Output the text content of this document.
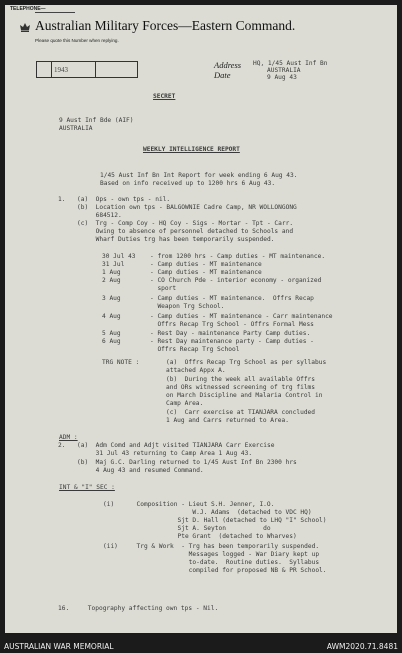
TELEPHONE—
Australian Military Forces—Eastern Command.
Please quote this Number when replying.
1943	Address
Date
HQ, 1/45 Aust Inf Bn
AUSTRALIA
9 Aug 43
SECRET
9 Aust Inf Bde (AIF)
AUSTRALIA
WEEKLY INTELLIGENCE REPORT
1/45 Aust Inf Bn Int Report for week ending 6 Aug 43.
Based on info received up to 1200 hrs 6 Aug 43.
1. (a)  Ops - own tps - nil.
(b)  Location own tps - BALGOWNIE Cadre Camp, NR WOLLONGONG
684512.
(c)  Trg - Comp Coy - HQ Coy - Sigs - Mortar - Tpt - Carr.
Owing to absence of personnel detached to Schools and
Wharf Duties trg has been temporarily suspended.
30 Jul 43 - from 1200 hrs - Camp duties - MT maintenance.
31 Jul	- Camp duties - MT maintenance
1 Aug	- Camp duties - MT maintenance
2 Aug	- CO Church Pde - interior economy - organized
sport
3 Aug	- Camp duties - MT maintenance.  Offrs Recap
Weapon Trg School.
4 Aug	- Camp duties - MT maintenance - Carr maintenance
Offrs Recap Trg School - Offrs Formal Mess
5 Aug	- Rest Day - maintenance Party Camp duties.
6 Aug	- Rest Day maintenance party - Camp duties -
Offrs Recap Trg School
TRG NOTE :	(a)  Offrs Recap Trg School as per syllabus
attached Appx A.
(b)  During the week all available Offrs
and ORs witnessed screening of trg films
on March Discipline and Malaria Control in
Camp Area.
(c)  Carr exercise at TIANJARA concluded
1 Aug and Carrs returned to Area.
ADM :
2. (a)  Adm Comd and Adjt visited TIANJARA Carr Exercise
31 Jul 43 returning to Camp Area 1 Aug 43.
(b)  Maj G.C. Darling returned to 1/45 Aust Inf Bn 2300 hrs
4 Aug 43 and resumed Command.
INT & "I" SEC :
(i)      Composition - Lieut S.H. Jenner, I.O.
W.J. Adams  (detached to VDC HQ)
Sjt D. Hall (detached to LHQ "I" School)
Sjt A. Seyton          do
Pte Grant  (detached to Wharves)
(ii)     Trg & Work  - Trg has been temporarily suspended.
Messages logged - War Diary kept up
to-date.  Routine duties.  Syllabus
compiled for proposed NB & PR School.
16.     Topography affecting own tps - Nil.
AUSTRALIAN WAR MEMORIAL	AWM2020.71.8481
